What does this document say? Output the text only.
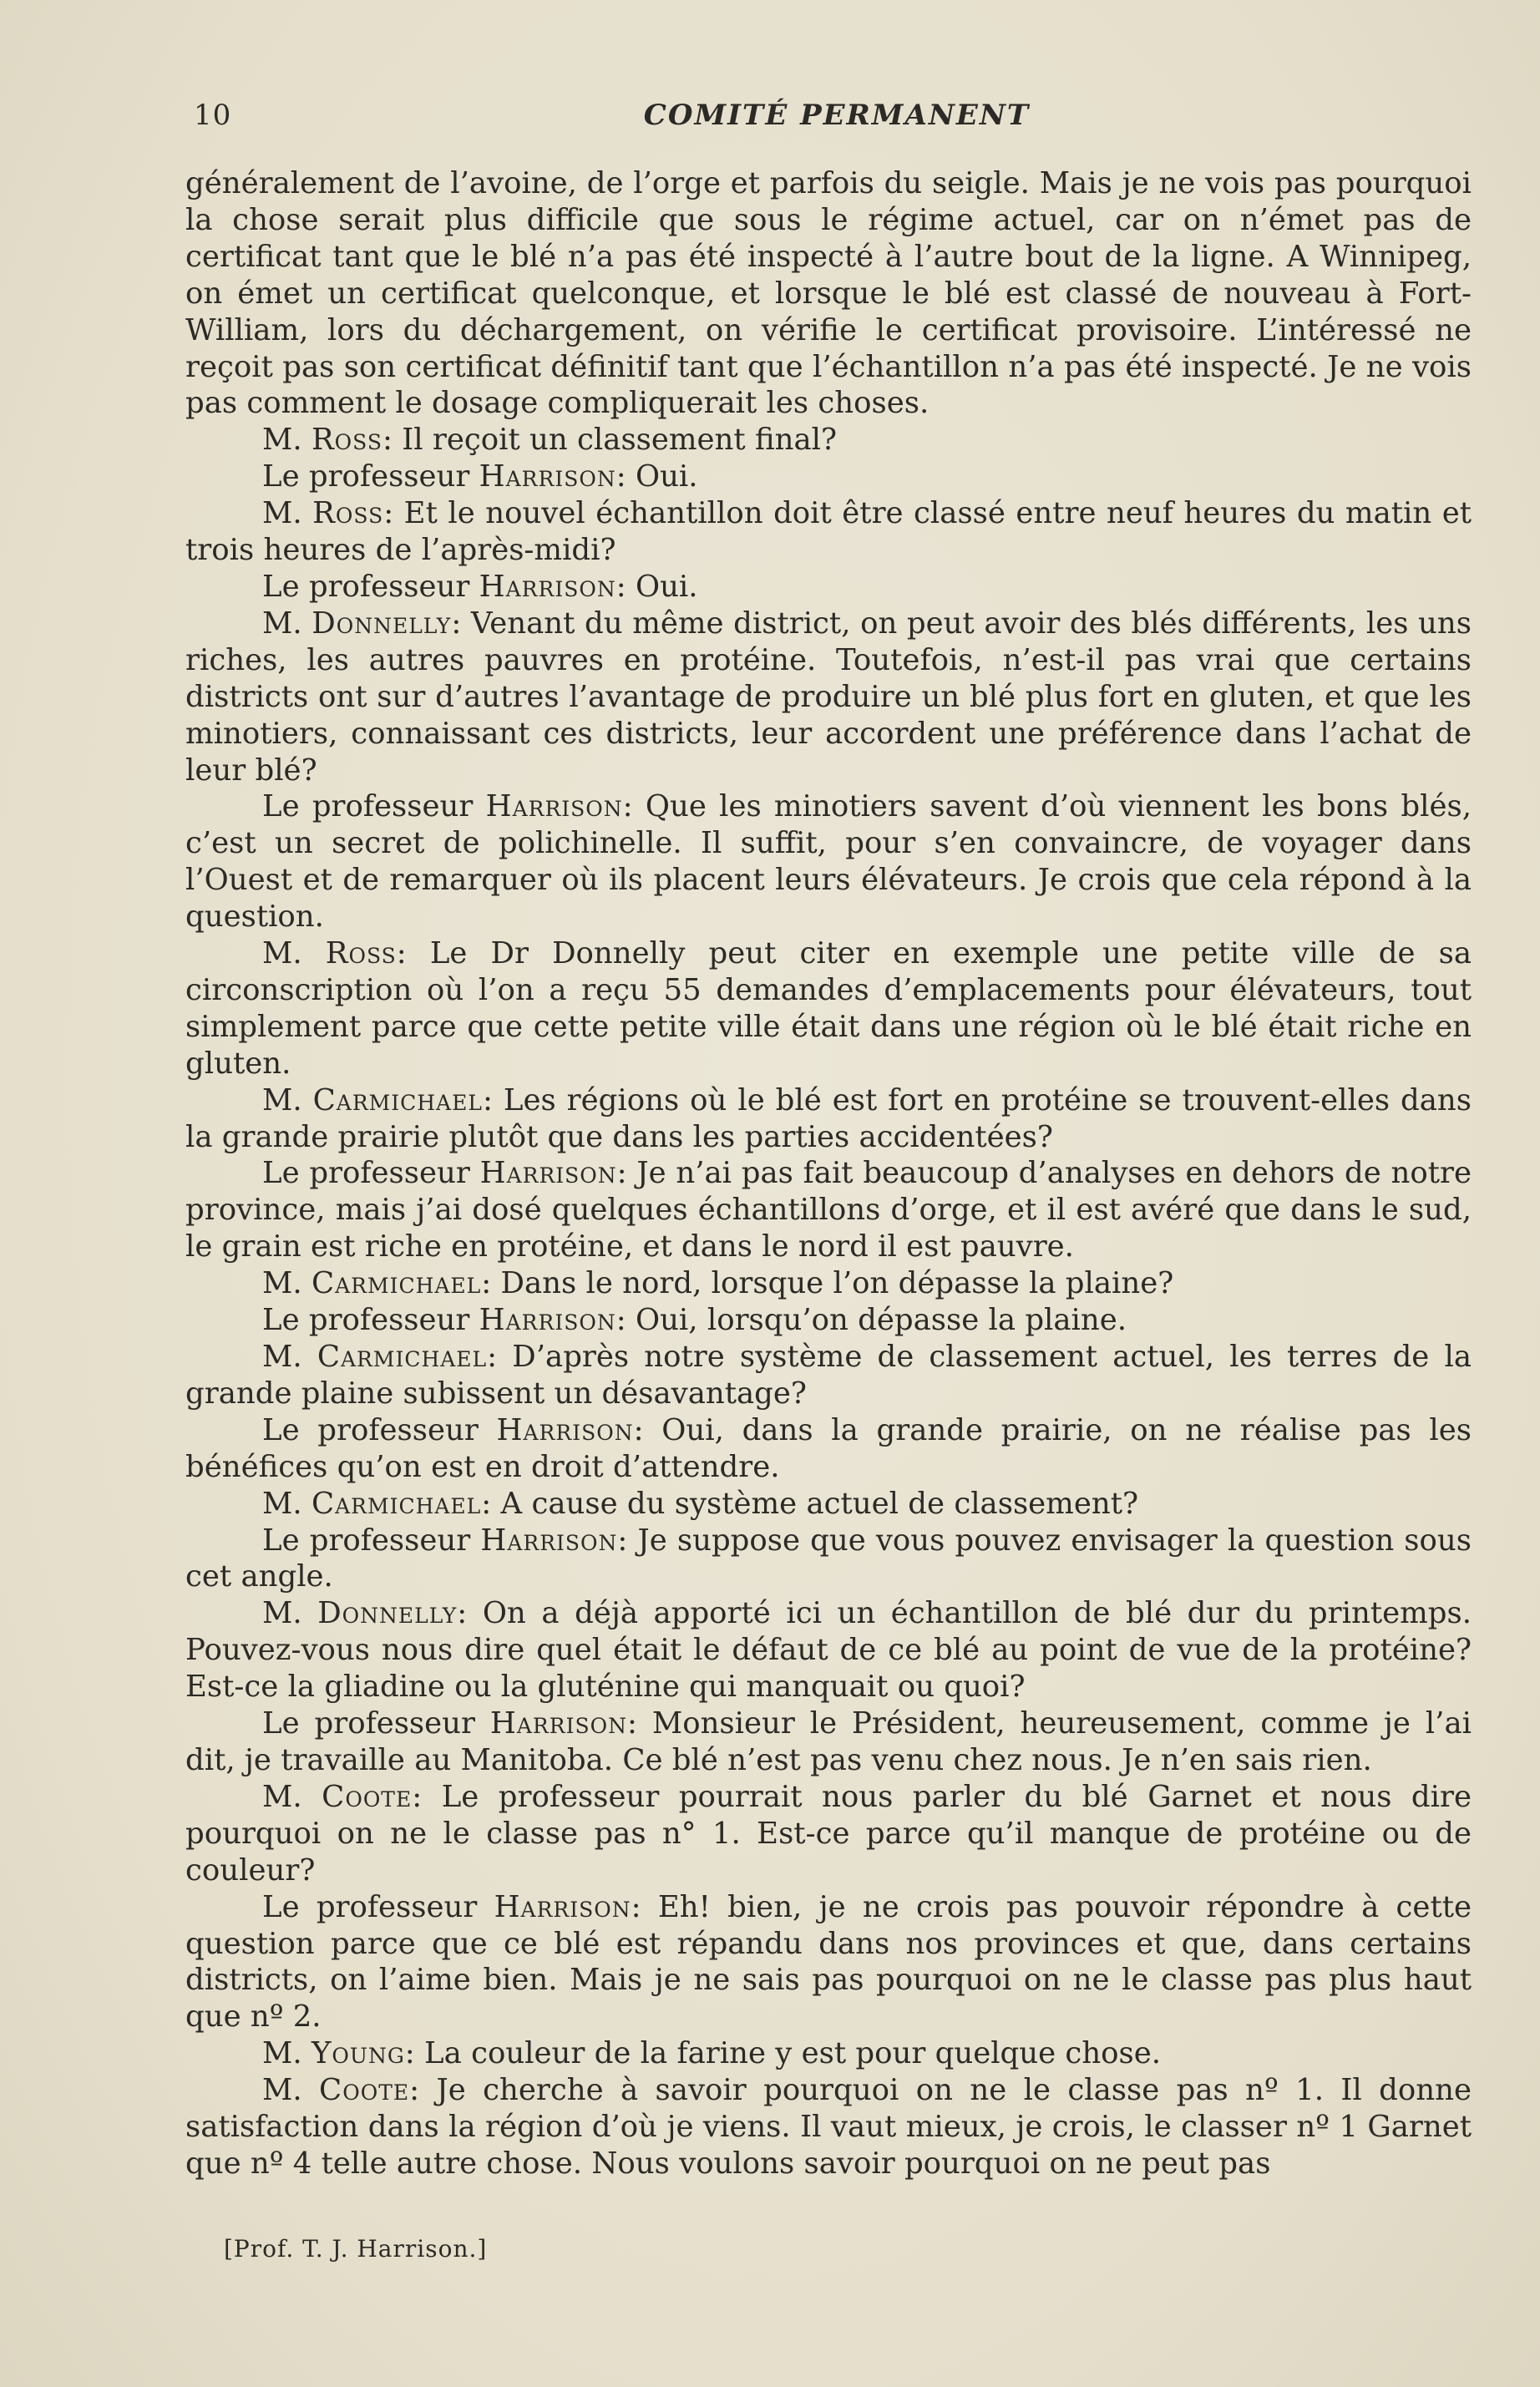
10	COMITÉ PERMANENT

généralement de l’avoine, de l’orge et parfois du seigle. Mais je ne vois pas pourquoi la chose serait plus difficile que sous le régime actuel, car on n’émet pas de certificat tant que le blé n’a pas été inspecté à l’autre bout de la ligne. A Winnipeg, on émet un certificat quelconque, et lorsque le blé est classé de nouveau à Fort-William, lors du déchargement, on vérifie le certificat provisoire. L’intéressé ne reçoit pas son certificat définitif tant que l’échantillon n’a pas été inspecté. Je ne vois pas comment le dosage compliquerait les choses.

M. Ross: Il reçoit un classement final?

Le professeur Harrison: Oui.

M. Ross: Et le nouvel échantillon doit être classé entre neuf heures du matin et trois heures de l’après-midi?

Le professeur Harrison: Oui.

M. Donnelly: Venant du même district, on peut avoir des blés différents, les uns riches, les autres pauvres en protéine. Toutefois, n’est-il pas vrai que certains districts ont sur d’autres l’avantage de produire un blé plus fort en gluten, et que les minotiers, connaissant ces districts, leur accordent une préférence dans l’achat de leur blé?

Le professeur Harrison: Que les minotiers savent d’où viennent les bons blés, c’est un secret de polichinelle. Il suffit, pour s’en convaincre, de voyager dans l’Ouest et de remarquer où ils placent leurs élévateurs. Je crois que cela répond à la question.

M. Ross: Le Dr Donnelly peut citer en exemple une petite ville de sa circonscription où l’on a reçu 55 demandes d’emplacements pour élévateurs, tout simplement parce que cette petite ville était dans une région où le blé était riche en gluten.

M. Carmichael: Les régions où le blé est fort en protéine se trouvent-elles dans la grande prairie plutôt que dans les parties accidentées?

Le professeur Harrison: Je n’ai pas fait beaucoup d’analyses en dehors de notre province, mais j’ai dosé quelques échantillons d’orge, et il est avéré que dans le sud, le grain est riche en protéine, et dans le nord il est pauvre.

M. Carmichael: Dans le nord, lorsque l’on dépasse la plaine?

Le professeur Harrison: Oui, lorsqu’on dépasse la plaine.

M. Carmichael: D’après notre système de classement actuel, les terres de la grande plaine subissent un désavantage?

Le professeur Harrison: Oui, dans la grande prairie, on ne réalise pas les bénéfices qu’on est en droit d’attendre.

M. Carmichael: A cause du système actuel de classement?

Le professeur Harrison: Je suppose que vous pouvez envisager la question sous cet angle.

M. Donnelly: On a déjà apporté ici un échantillon de blé dur du printemps. Pouvez-vous nous dire quel était le défaut de ce blé au point de vue de la protéine? Est-ce la gliadine ou la gluténine qui manquait ou quoi?

Le professeur Harrison: Monsieur le Président, heureusement, comme je l’ai dit, je travaille au Manitoba. Ce blé n’est pas venu chez nous. Je n’en sais rien.

M. Coote: Le professeur pourrait nous parler du blé Garnet et nous dire pourquoi on ne le classe pas n° 1. Est-ce parce qu’il manque de protéine ou de couleur?

Le professeur Harrison: Eh! bien, je ne crois pas pouvoir répondre à cette question parce que ce blé est répandu dans nos provinces et que, dans certains districts, on l’aime bien. Mais je ne sais pas pourquoi on ne le classe pas plus haut que nº 2.

M. Young: La couleur de la farine y est pour quelque chose.

M. Coote: Je cherche à savoir pourquoi on ne le classe pas nº 1. Il donne satisfaction dans la région d’où je viens. Il vaut mieux, je crois, le classer nº 1 Garnet que nº 4 telle autre chose. Nous voulons savoir pourquoi on ne peut pas

[Prof. T. J. Harrison.]
